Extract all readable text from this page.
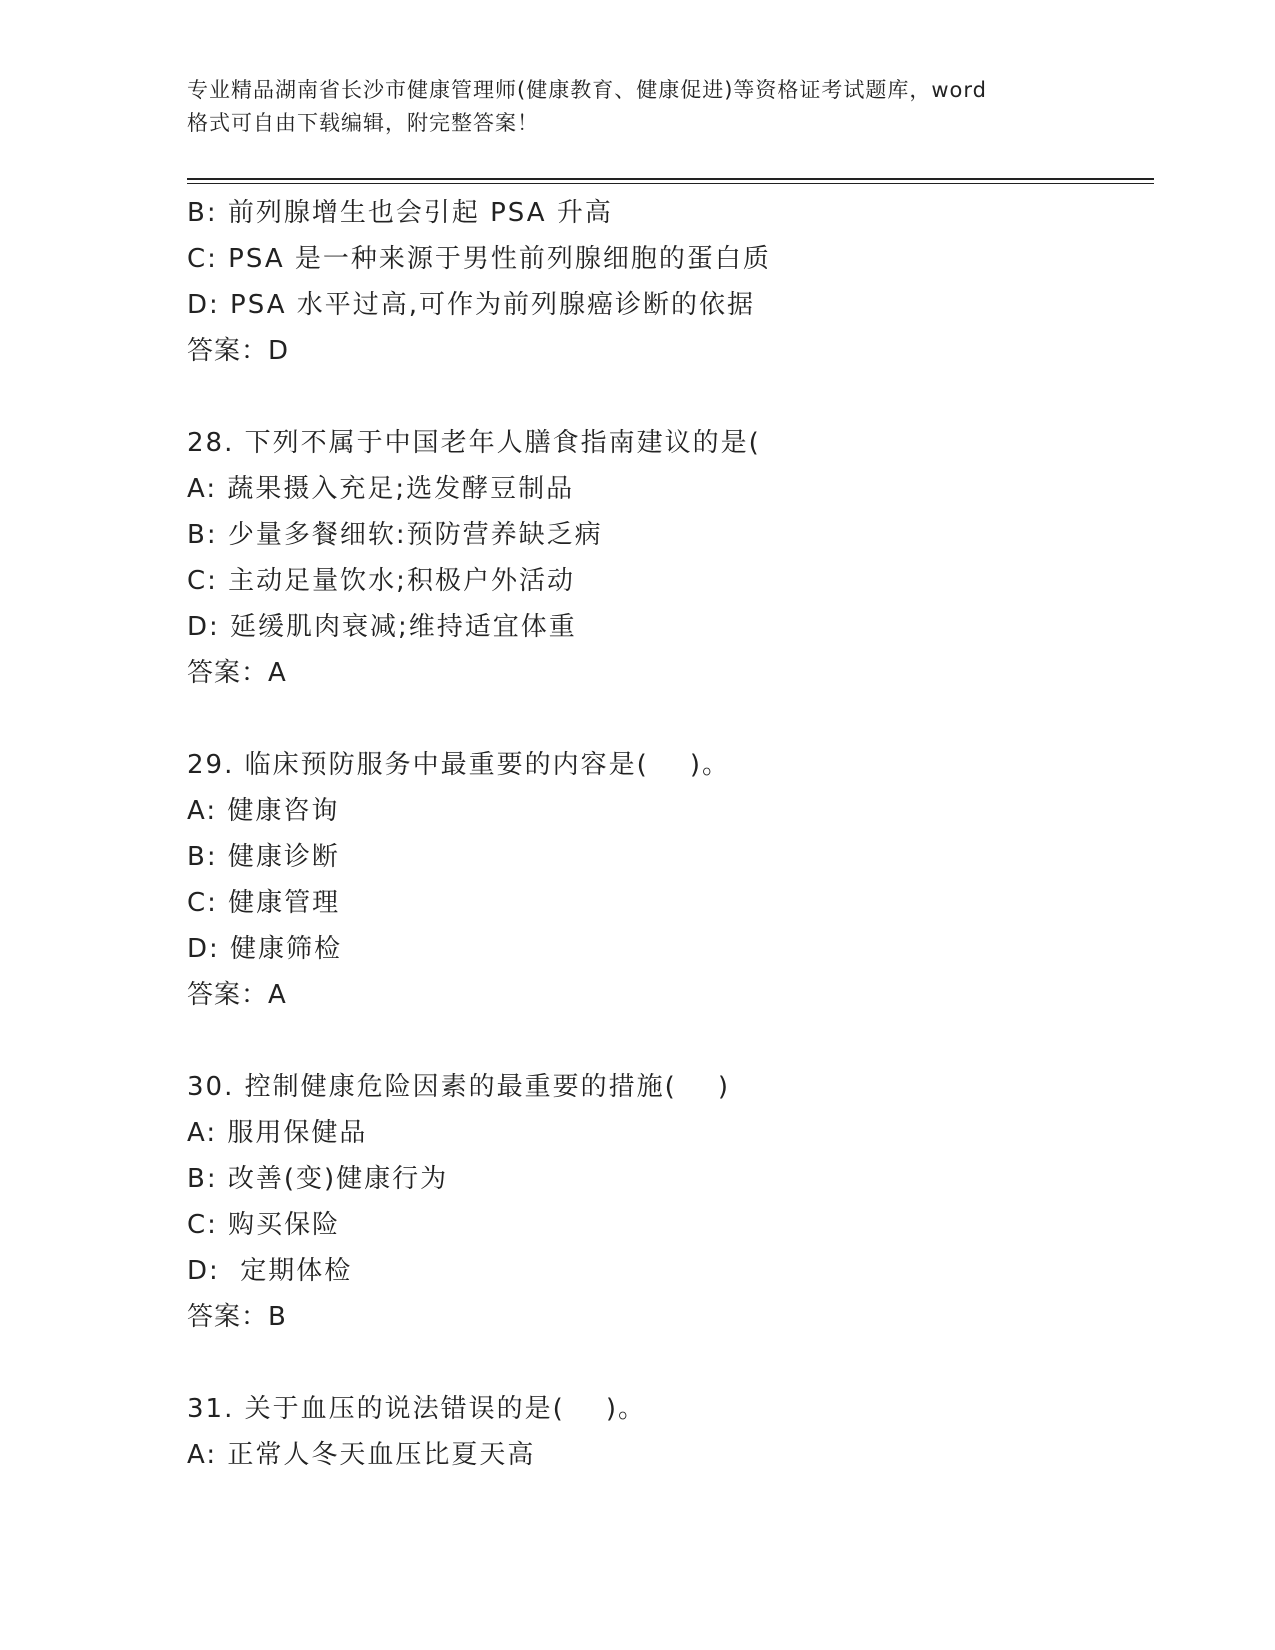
专业精品湖南省长沙市健康管理师(健康教育、健康促进)等资格证考试题库，word
格式可自由下载编辑，附完整答案！
B: 前列腺增生也会引起 PSA 升高
C: PSA 是一种来源于男性前列腺细胞的蛋白质
D: PSA 水平过高,可作为前列腺癌诊断的依据
答案：D
28. 下列不属于中国老年人膳食指南建议的是(
A: 蔬果摄入充足;选发酵豆制品
B: 少量多餐细软:预防营养缺乏病
C: 主动足量饮水;积极户外活动
D: 延缓肌肉衰减;维持适宜体重
答案：A
29. 临床预防服务中最重要的内容是(    )。
A: 健康咨询
B: 健康诊断
C: 健康管理
D: 健康筛检
答案：A
30. 控制健康危险因素的最重要的措施(    )
A: 服用保健品
B: 改善(变)健康行为
C: 购买保险
D:  定期体检
答案：B
31. 关于血压的说法错误的是(    )。
A: 正常人冬天血压比夏天高
